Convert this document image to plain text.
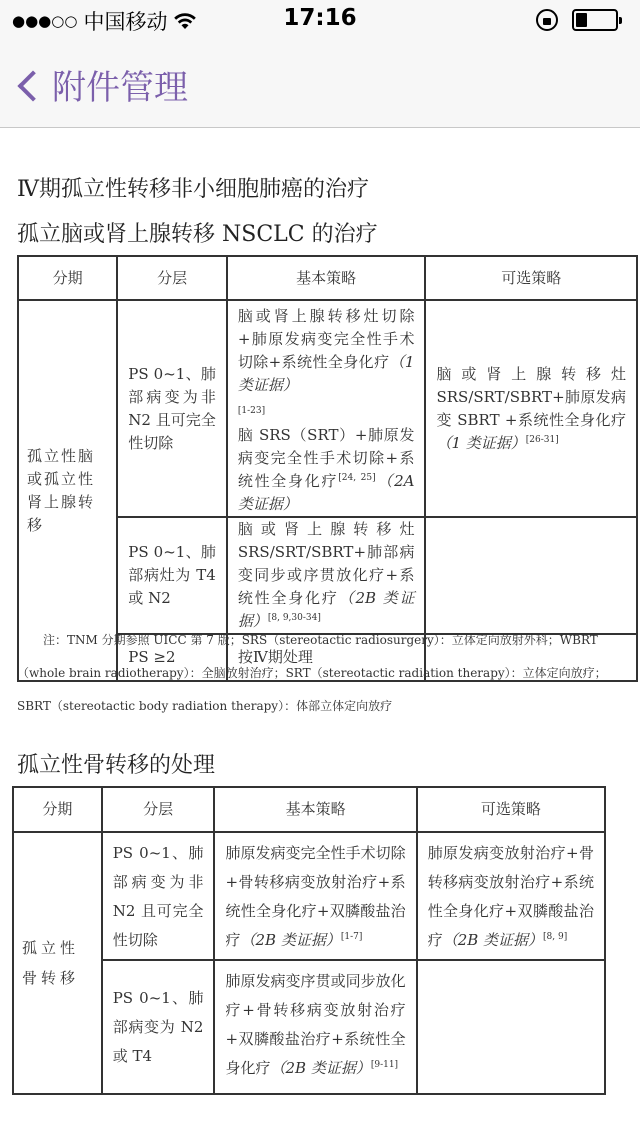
●●●○○ 中国移动	17:16
附件管理
Ⅳ期孤立性转移非小细胞肺癌的治疗
孤立脑或肾上腺转移 NSCLC 的治疗
分期	分层	基本策略	可选策略
孤立性脑或孤立性肾上腺转移	PS 0~1、肺部病变为非 N2 且可完全性切除	脑或肾上腺转移灶切除+肺原发病变完全性手术切除+系统性全身化疗（1 类证据）
[1-23]
脑 SRS（SRT）+肺原发病变完全性手术切除+系统性全身化疗[24, 25]（2A 类证据）	脑或肾上腺转移灶 SRS/SRT/SBRT+肺原发病变 SBRT +系统性全身化疗（1 类证据）[26-31]
	PS 0~1、肺部病灶为 T4 或 N2	脑或肾上腺转移灶 SRS/SRT/SBRT+肺部病变同步或序贯放化疗+系统性全身化疗（2B 类证据）[8, 9,30-34]	
	PS ≥2	按Ⅳ期处理	

注：TNM 分期参照 UICC 第 7 版；SRS（stereotactic radiosurgery）：立体定向放射外科；WBRT（whole brain radiotherapy）：全脑放射治疗；SRT（stereotactic radiation therapy）：立体定向放疗；SBRT（stereotactic body radiation therapy）：体部立体定向放疗

孤立性骨转移的处理
分期	分层	基本策略	可选策略
孤立性骨转移	PS 0~1、肺部病变为非 N2 且可完全性切除	肺原发病变完全性手术切除+骨转移病变放射治疗+系统性全身化疗+双膦酸盐治疗（2B 类证据）[1-7]	肺原发病变放射治疗+骨转移病变放射治疗+系统性全身化疗+双膦酸盐治疗（2B 类证据）[8, 9]
	PS 0~1、肺部病变为 N2 或 T4	肺原发病变序贯或同步放化疗+骨转移病变放射治疗+双膦酸盐治疗+系统性全身化疗（2B 类证据）[9-11]	
